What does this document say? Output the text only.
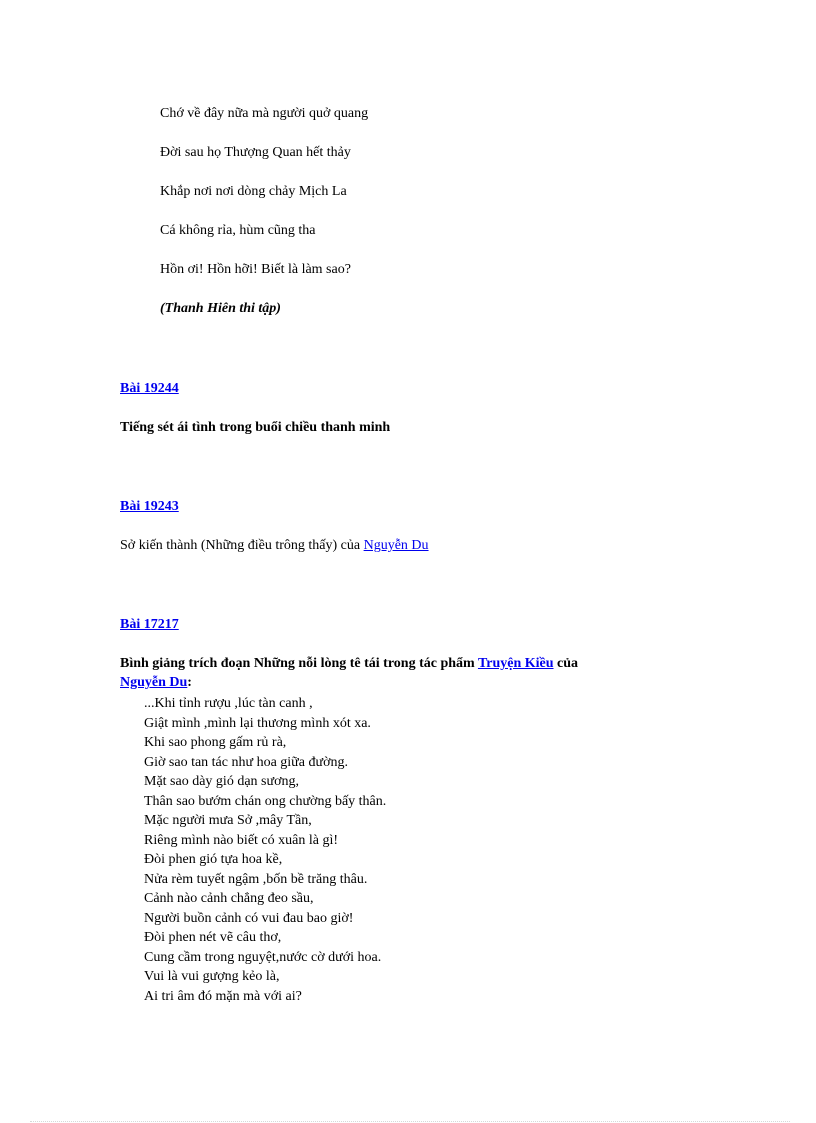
Chớ về đây nữa mà người quở quang
Đời sau họ Thượng Quan hết thảy
Khắp nơi nơi dòng chảy Mịch La
Cá không rỉa, hùm cũng tha
Hồn ơi! Hồn hỡi! Biết là làm sao?
(Thanh Hiên thi tập)
Bài 19244
Tiếng sét ái tình trong buổi chiều thanh minh
Bài 19243
Sở kiến thành (Những điều trông thấy) của Nguyễn Du
Bài 17217
Bình giảng trích đoạn Những nỗi lòng tê tái trong tác phẩm Truyện Kiều của
Nguyễn Du:
...Khi tỉnh rượu ,lúc tàn canh ,
Giật mình ,mình lại thương mình xót xa.
Khi sao phong gấm rủ rà,
Giờ sao tan tác như hoa giữa đường.
Mặt sao dày gió dạn sương,
Thân sao bướm chán ong chường bấy thân.
Mặc người mưa Sở ,mây Tần,
Riêng mình nào biết có xuân là gì!
Đòi phen gió tựa hoa kề,
Nửa rèm tuyết ngậm ,bốn bề trăng thâu.
Cảnh nào cảnh chẳng đeo sầu,
Người buồn cảnh có vui đau bao giờ!
Đòi phen nét vẽ câu thơ,
Cung cầm trong nguyệt,nước cờ dưới hoa.
Vui là vui gượng kẻo là,
Ai tri âm đó mặn mà với ai?
